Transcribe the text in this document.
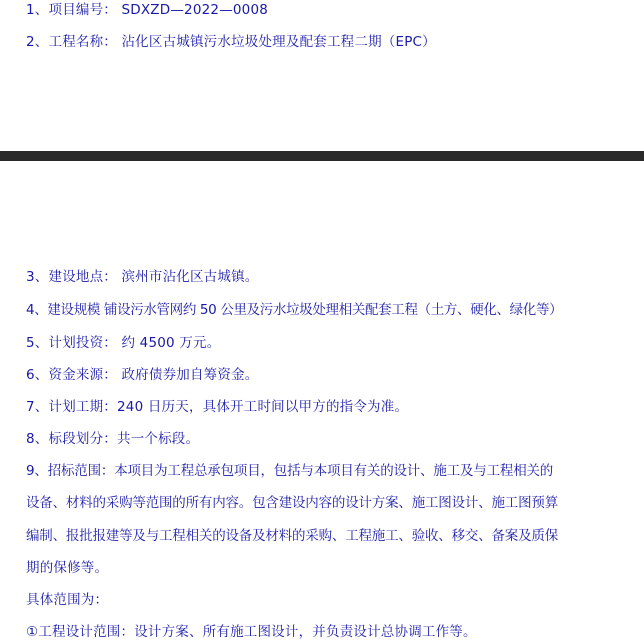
1、项目编号： SDXZD—2022—0008
2、工程名称： 沾化区古城镇污水垃圾处理及配套工程二期（EPC）
3、建设地点： 滨州市沾化区古城镇。
4、建设规模 铺设污水管网约 50 公里及污水垃圾处理相关配套工程（土方、硬化、绿化等）
5、计划投资： 约 4500 万元。
6、资金来源： 政府债券加自筹资金。
7、计划工期：240 日历天，具体开工时间以甲方的指令为准。
8、标段划分：共一个标段。
9、招标范围：本项目为工程总承包项目，包括与本项目有关的设计、施工及与工程相关的
设备、材料的采购等范围的所有内容。包含建设内容的设计方案、施工图设计、施工图预算
编制、报批报建等及与工程相关的设备及材料的采购、工程施工、验收、移交、备案及质保
期的保修等。
具体范围为：
①工程设计范围：设计方案、所有施工图设计，并负责设计总协调工作等。
